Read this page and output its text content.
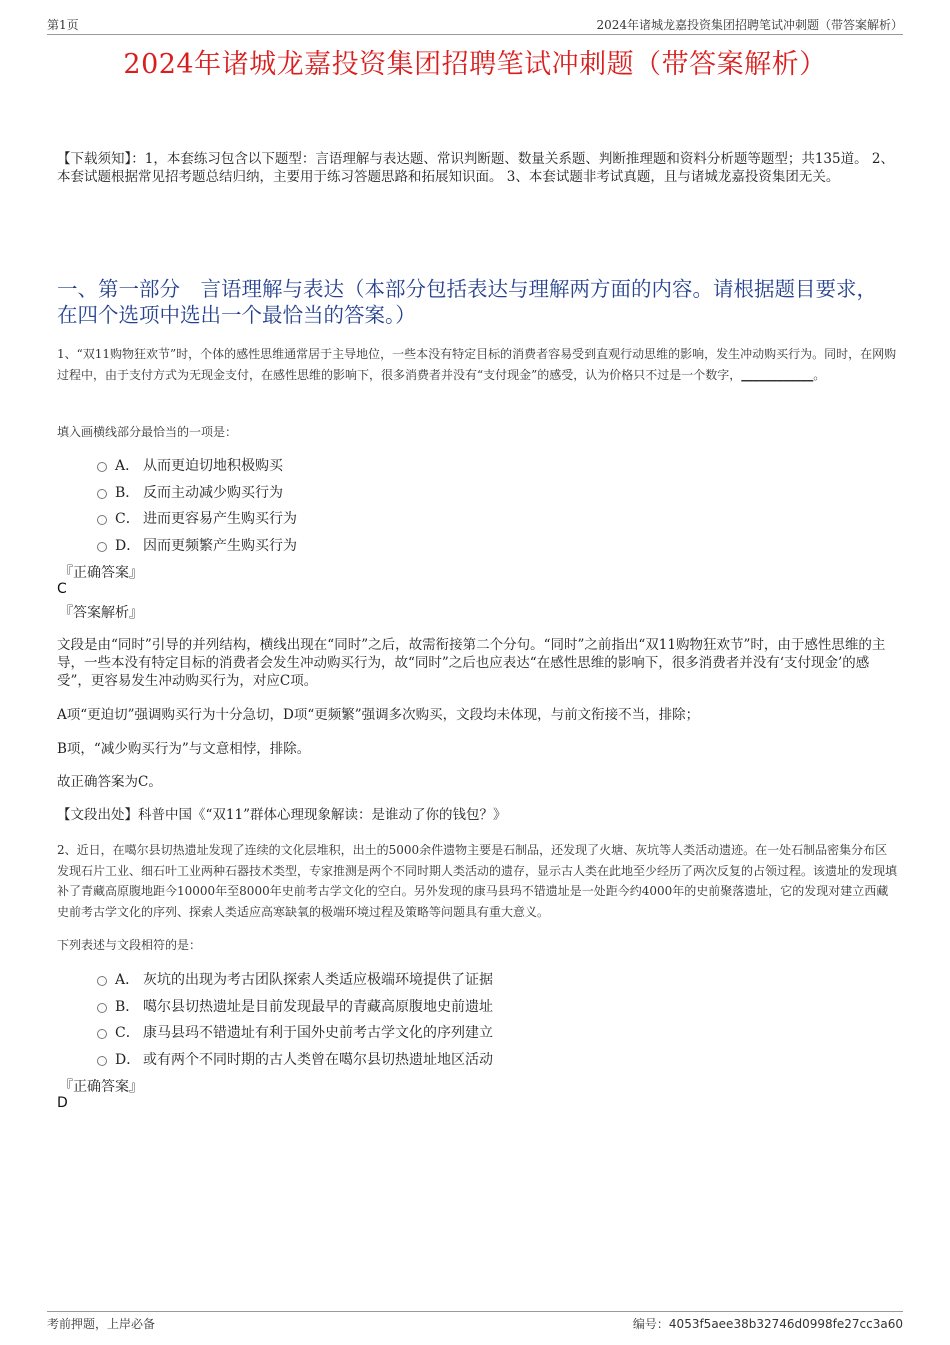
第1页	2024年诸城龙嘉投资集团招聘笔试冲刺题（带答案解析）
2024年诸城龙嘉投资集团招聘笔试冲刺题（带答案解析）
【下载须知】：1，本套练习包含以下题型：言语理解与表达题、常识判断题、数量关系题、判断推理题和资料分析题等题型；共135道。 2、本套试题根据常见招考题总结归纳，主要用于练习答题思路和拓展知识面。 3、本套试题非考试真题，且与诸城龙嘉投资集团无关。
一、第一部分　言语理解与表达（本部分包括表达与理解两方面的内容。请根据题目要求，在四个选项中选出一个最恰当的答案。）
1、“双11购物狂欢节”时，个体的感性思维通常居于主导地位，一些本没有特定目标的消费者容易受到直观行动思维的影响，发生冲动购买行为。同时，在网购过程中，由于支付方式为无现金支付，在感性思维的影响下，很多消费者并没有“支付现金”的感受，认为价格只不过是一个数字，____________。
填入画横线部分最恰当的一项是：
A． 从而更迫切地积极购买
B． 反而主动减少购买行为
C． 进而更容易产生购买行为
D． 因而更频繁产生购买行为
『正确答案』
C
『答案解析』
文段是由“同时”引导的并列结构，横线出现在“同时”之后，故需衔接第二个分句。“同时”之前指出“双11购物狂欢节”时，由于感性思维的主导，一些本没有特定目标的消费者会发生冲动购买行为，故“同时”之后也应表达“在感性思维的影响下，很多消费者并没有‘支付现金’的感受”，更容易发生冲动购买行为，对应C项。
A项“更迫切”强调购买行为十分急切，D项“更频繁”强调多次购买，文段均未体现，与前文衔接不当，排除；
B项，“减少购买行为”与文意相悖，排除。
故正确答案为C。
【文段出处】科普中国《“双11”群体心理现象解读：是谁动了你的钱包？》
2、近日，在噶尔县切热遗址发现了连续的文化层堆积，出土的5000余件遗物主要是石制品，还发现了火塘、灰坑等人类活动遗迹。在一处石制品密集分布区发现石片工业、细石叶工业两种石器技术类型，专家推测是两个不同时期人类活动的遗存，显示古人类在此地至少经历了两次反复的占领过程。该遗址的发现填补了青藏高原腹地距今10000年至8000年史前考古学文化的空白。另外发现的康马县玛不错遗址是一处距今约4000年的史前聚落遗址，它的发现对建立西藏史前考古学文化的序列、探索人类适应高寒缺氧的极端环境过程及策略等问题具有重大意义。
下列表述与文段相符的是：
A． 灰坑的出现为考古团队探索人类适应极端环境提供了证据
B． 噶尔县切热遗址是目前发现最早的青藏高原腹地史前遗址
C． 康马县玛不错遗址有利于国外史前考古学文化的序列建立
D． 或有两个不同时期的古人类曾在噶尔县切热遗址地区活动
『正确答案』
D
考前押题，上岸必备	编号：4053f5aee38b32746d0998fe27cc3a60
